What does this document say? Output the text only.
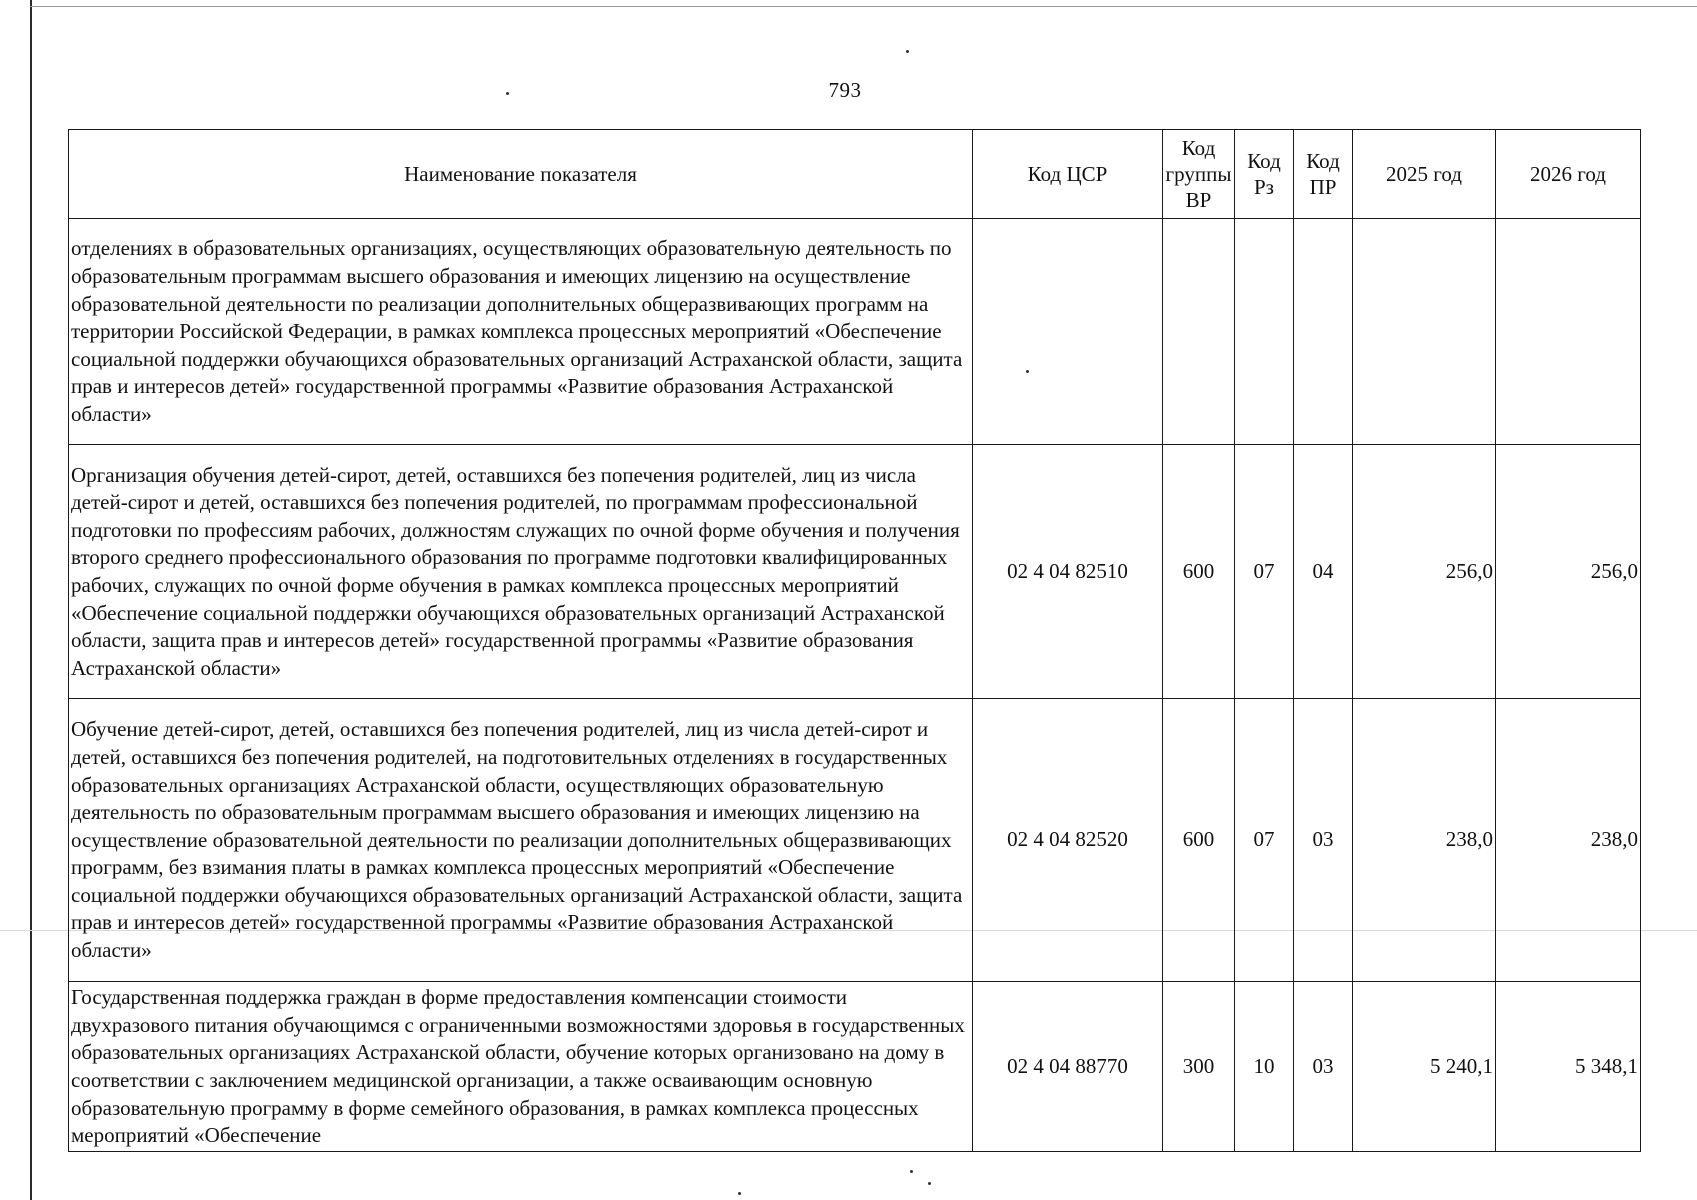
793
Наименование показателя	Код ЦСР	Код группы ВР	Код Рз	Код ПР	2025 год	2026 год
отделениях в образовательных организациях, осуществляющих образовательную деятельность по образовательным программам высшего образования и имеющих лицензию на осуществление образовательной деятельности по реализации дополнительных общеразвивающих программ на территории Российской Федерации, в рамках комплекса процессных мероприятий «Обеспечение социальной поддержки обучающихся образовательных организаций Астраханской области, защита прав и интересов детей» государственной программы «Развитие образования Астраханской области»						
Организация обучения детей-сирот, детей, оставшихся без попечения родителей, лиц из числа детей-сирот и детей, оставшихся без попечения родителей, по программам профессиональной подготовки по профессиям рабочих, должностям служащих по очной форме обучения и получения второго среднего профессионального образования по программе подготовки квалифицированных рабочих, служащих по очной форме обучения в рамках комплекса процессных мероприятий «Обеспечение социальной поддержки обучающихся образовательных организаций Астраханской области, защита прав и интересов детей» государственной программы «Развитие образования Астраханской области»	02 4 04 82510	600	07	04	256,0	256,0
Обучение детей-сирот, детей, оставшихся без попечения родителей, лиц из числа детей-сирот и детей, оставшихся без попечения родителей, на подготовительных отделениях в государственных образовательных организациях Астраханской области, осуществляющих образовательную деятельность по образовательным программам высшего образования и имеющих лицензию на осуществление образовательной деятельности по реализации дополнительных общеразвивающих программ, без взимания платы в рамках комплекса процессных мероприятий «Обеспечение социальной поддержки обучающихся образовательных организаций Астраханской области, защита прав и интересов детей» государственной программы «Развитие образования Астраханской области»	02 4 04 82520	600	07	03	238,0	238,0
Государственная поддержка граждан в форме предоставления компенсации стоимости двухразового питания обучающимся с ограниченными возможностями здоровья в государственных образовательных организациях Астраханской области, обучение которых организовано на дому в соответствии с заключением медицинской организации, а также осваивающим основную образовательную программу в форме семейного образования, в рамках комплекса процессных мероприятий «Обеспечение	02 4 04 88770	300	10	03	5 240,1	5 348,1
